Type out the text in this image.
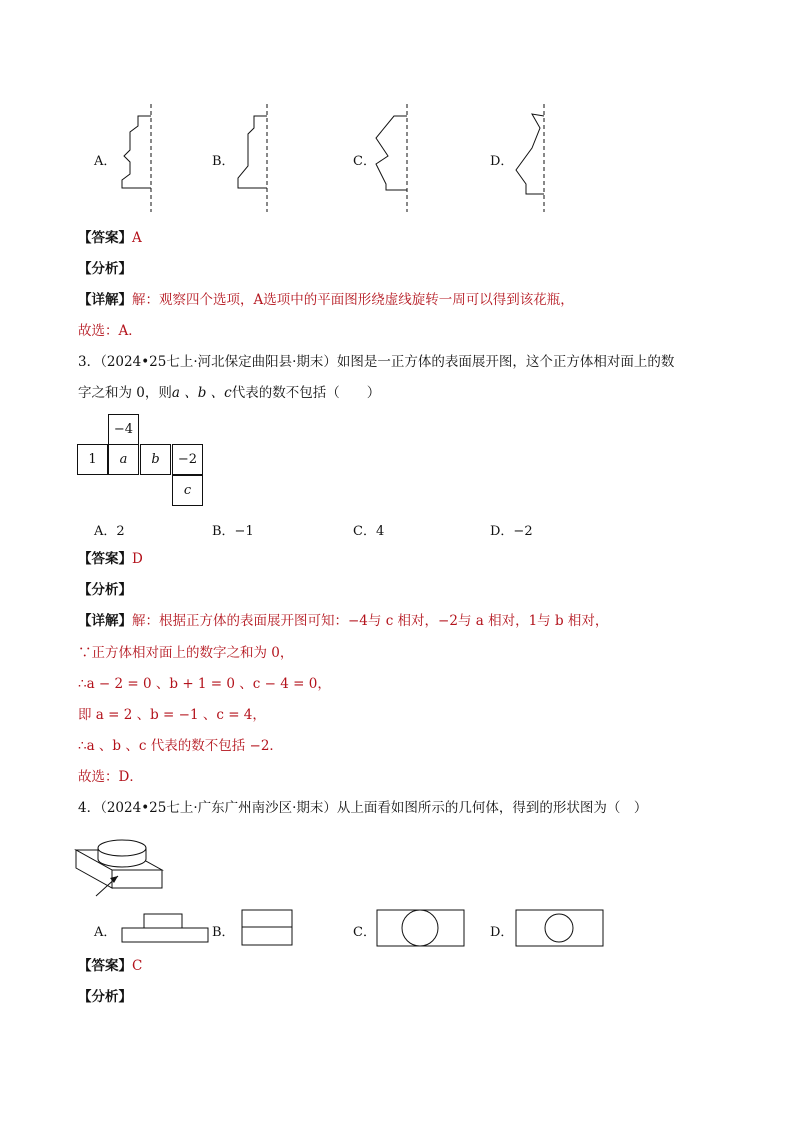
A．	B．	C．	D．
【答案】A
【分析】
【详解】解：观察四个选项，A选项中的平面图形绕虚线旋转一周可以得到该花瓶，
故选：A．
3．（2024•25七上·河北保定曲阳县·期末）如图是一正方体的表面展开图，这个正方体相对面上的数
字之和为 0，则a 、b 、c代表的数不包括（　　）
−4
1	a	b	−2
c
A．2	B．−1	C．4	D．−2
【答案】D
【分析】
【详解】解：根据正方体的表面展开图可知：−4与 c 相对，−2与 a 相对，1与 b 相对，
∵正方体相对面上的数字之和为 0，
∴a − 2 = 0 、b + 1 = 0 、c − 4 = 0，
即 a = 2 、b = −1 、c = 4，
∴a 、b 、c 代表的数不包括 −2．
故选：D．
4．（2024•25七上·广东广州南沙区·期末）从上面看如图所示的几何体，得到的形状图为（　）
A．	B．	C．	D．
【答案】C
【分析】
